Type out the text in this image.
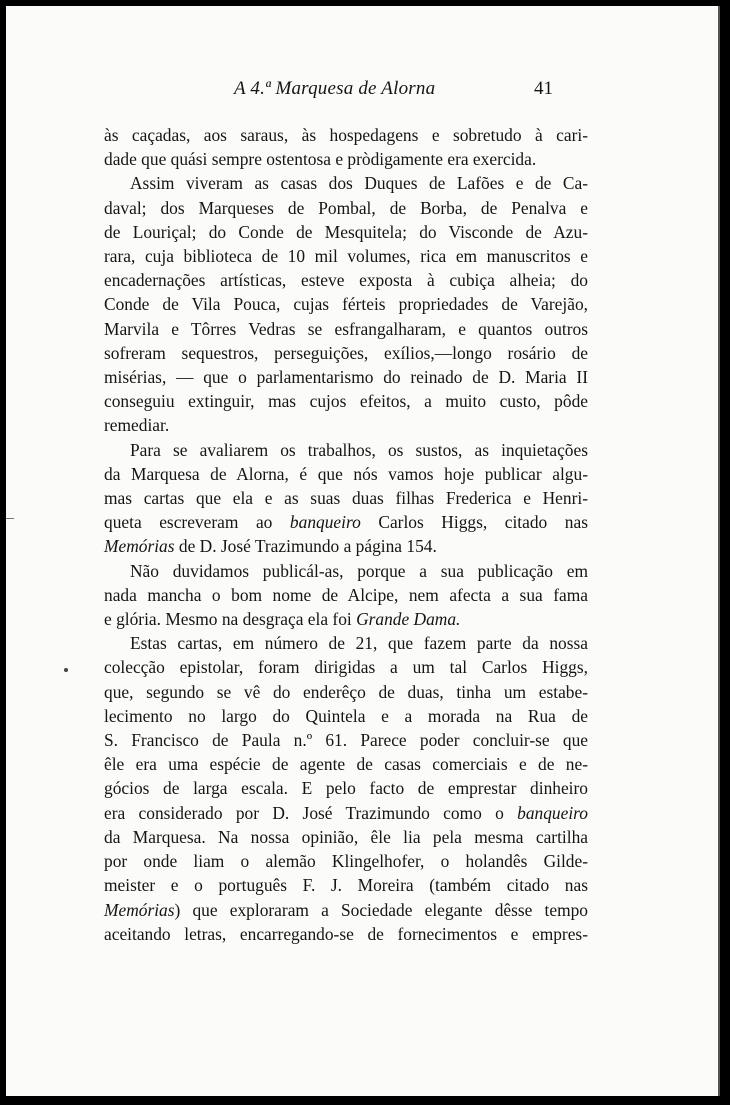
A 4.ª Marquesa de Alorna	41

às caçadas, aos saraus, às hospedagens e sobretudo à cari-

dade que quási sempre ostentosa e pròdigamente era exercida.

Assim viveram as casas dos Duques de Lafões e de Ca-

daval; dos Marqueses de Pombal, de Borba, de Penalva e

de Louriçal; do Conde de Mesquitela; do Visconde de Azu-

rara, cuja biblioteca de 10 mil volumes, rica em manuscritos e

encadernações artísticas, esteve exposta à cubiça alheia; do

Conde de Vila Pouca, cujas férteis propriedades de Varejão,

Marvila e Tôrres Vedras se esfrangalharam, e quantos outros

sofreram sequestros, perseguições, exílios,—longo rosário de

misérias, — que o parlamentarismo do reinado de D. Maria II

conseguiu extinguir, mas cujos efeitos, a muito custo, pôde

remediar.

Para se avaliarem os trabalhos, os sustos, as inquietações

da Marquesa de Alorna, é que nós vamos hoje publicar algu-

mas cartas que ela e as suas duas filhas Frederica e Henri-

queta escreveram ao banqueiro Carlos Higgs, citado nas

Memórias de D. José Trazimundo a página 154.

Não duvidamos publicál-as, porque a sua publicação em

nada mancha o bom nome de Alcipe, nem afecta a sua fama

e glória. Mesmo na desgraça ela foi Grande Dama.

Estas cartas, em número de 21, que fazem parte da nossa

colecção epistolar, foram dirigidas a um tal Carlos Higgs,

que, segundo se vê do enderêço de duas, tinha um estabe-

lecimento no largo do Quintela e a morada na Rua de

S. Francisco de Paula n.º 61. Parece poder concluir-se que

êle era uma espécie de agente de casas comerciais e de ne-

gócios de larga escala. E pelo facto de emprestar dinheiro

era considerado por D. José Trazimundo como o banqueiro

da Marquesa. Na nossa opinião, êle lia pela mesma cartilha

por onde liam o alemão Klingelhofer, o holandês Gilde-

meister e o português F. J. Moreira (também citado nas

Memórias) que exploraram a Sociedade elegante dêsse tempo

aceitando letras, encarregando-se de fornecimentos e empres-
